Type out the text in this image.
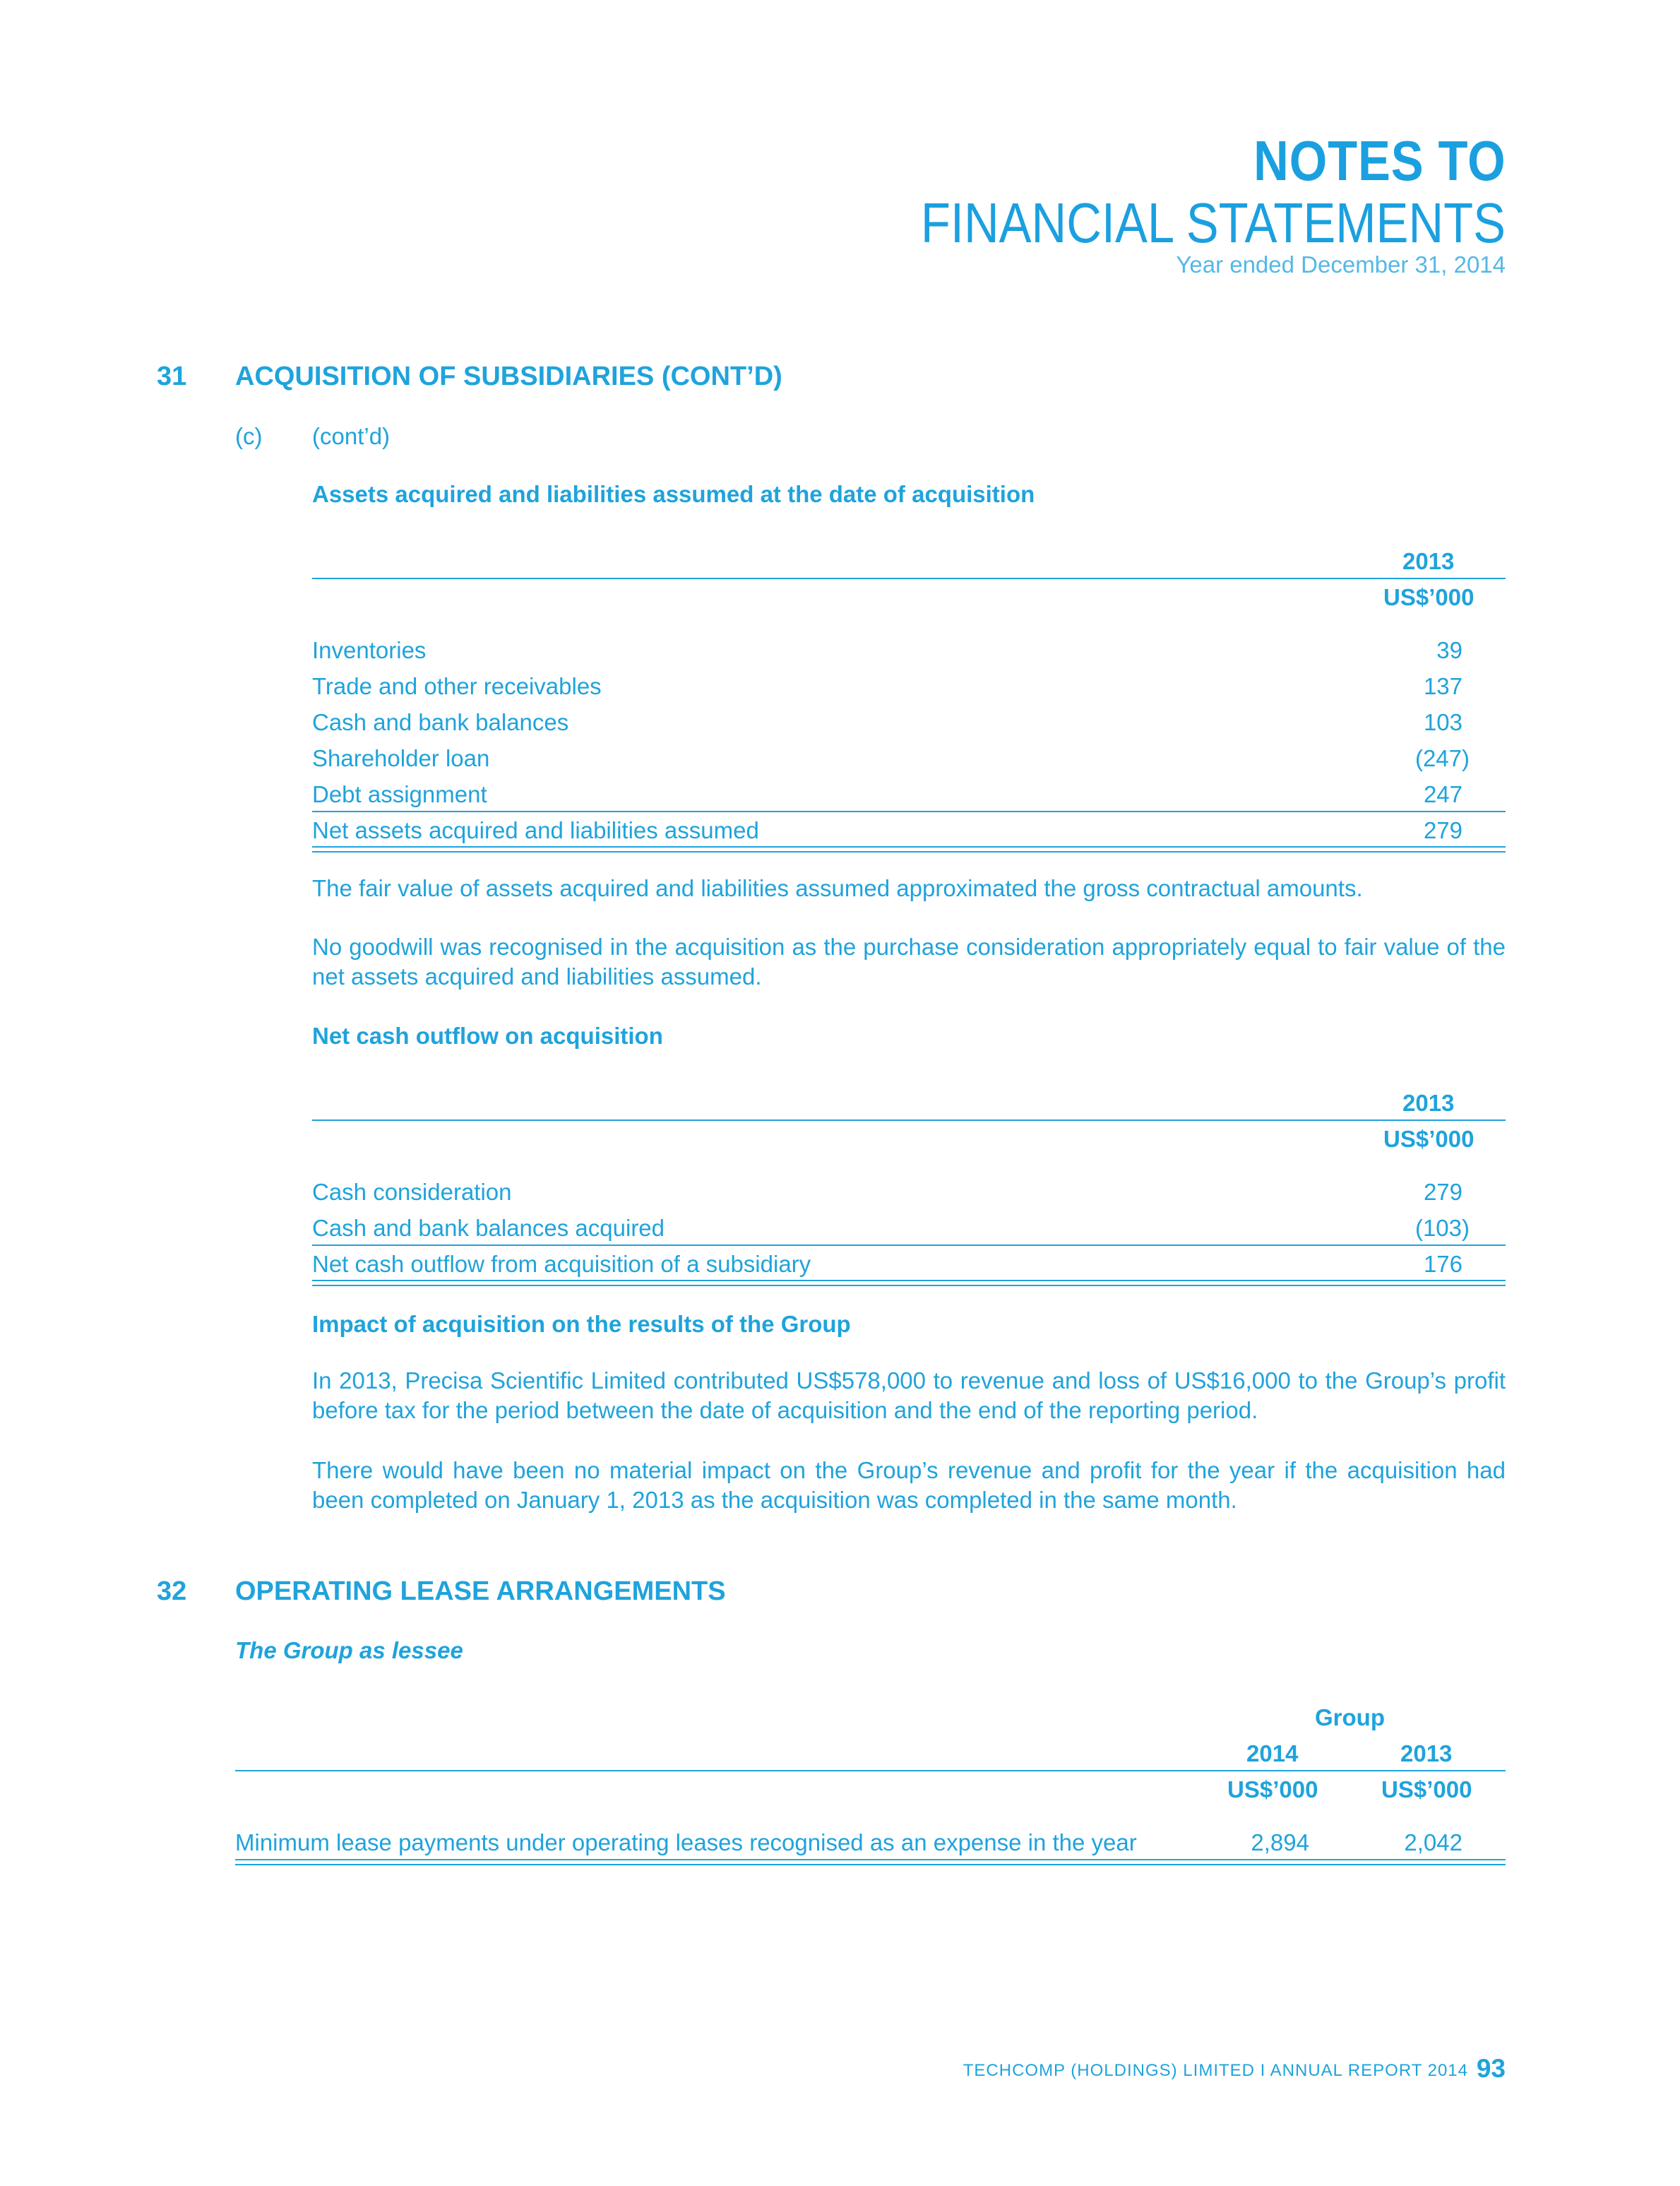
NOTES TO
FINANCIAL STATEMENTS
Year ended December 31, 2014
31 ACQUISITION OF SUBSIDIARIES (CONT’D)
(c) (cont’d)
Assets acquired and liabilities assumed at the date of acquisition
2013
US$’000
Inventories	39
Trade and other receivables	137
Cash and bank balances	103
Shareholder loan	(247)
Debt assignment	247
Net assets acquired and liabilities assumed	279
The fair value of assets acquired and liabilities assumed approximated the gross contractual amounts.
No goodwill was recognised in the acquisition as the purchase consideration appropriately equal to fair value of the net assets acquired and liabilities assumed.
Net cash outflow on acquisition
2013
US$’000
Cash consideration	279
Cash and bank balances acquired	(103)
Net cash outflow from acquisition of a subsidiary	176
Impact of acquisition on the results of the Group
In 2013, Precisa Scientific Limited contributed US$578,000 to revenue and loss of US$16,000 to the Group’s profit before tax for the period between the date of acquisition and the end of the reporting period.
There would have been no material impact on the Group’s revenue and profit for the year if the acquisition had been completed on January 1, 2013 as the acquisition was completed in the same month.
32 OPERATING LEASE ARRANGEMENTS
The Group as lessee
Group
2014	2013
US$’000	US$’000
Minimum lease payments under operating leases recognised as an expense in the year	2,894	2,042
TECHCOMP (HOLDINGS) LIMITED I ANNUAL REPORT 2014 93
